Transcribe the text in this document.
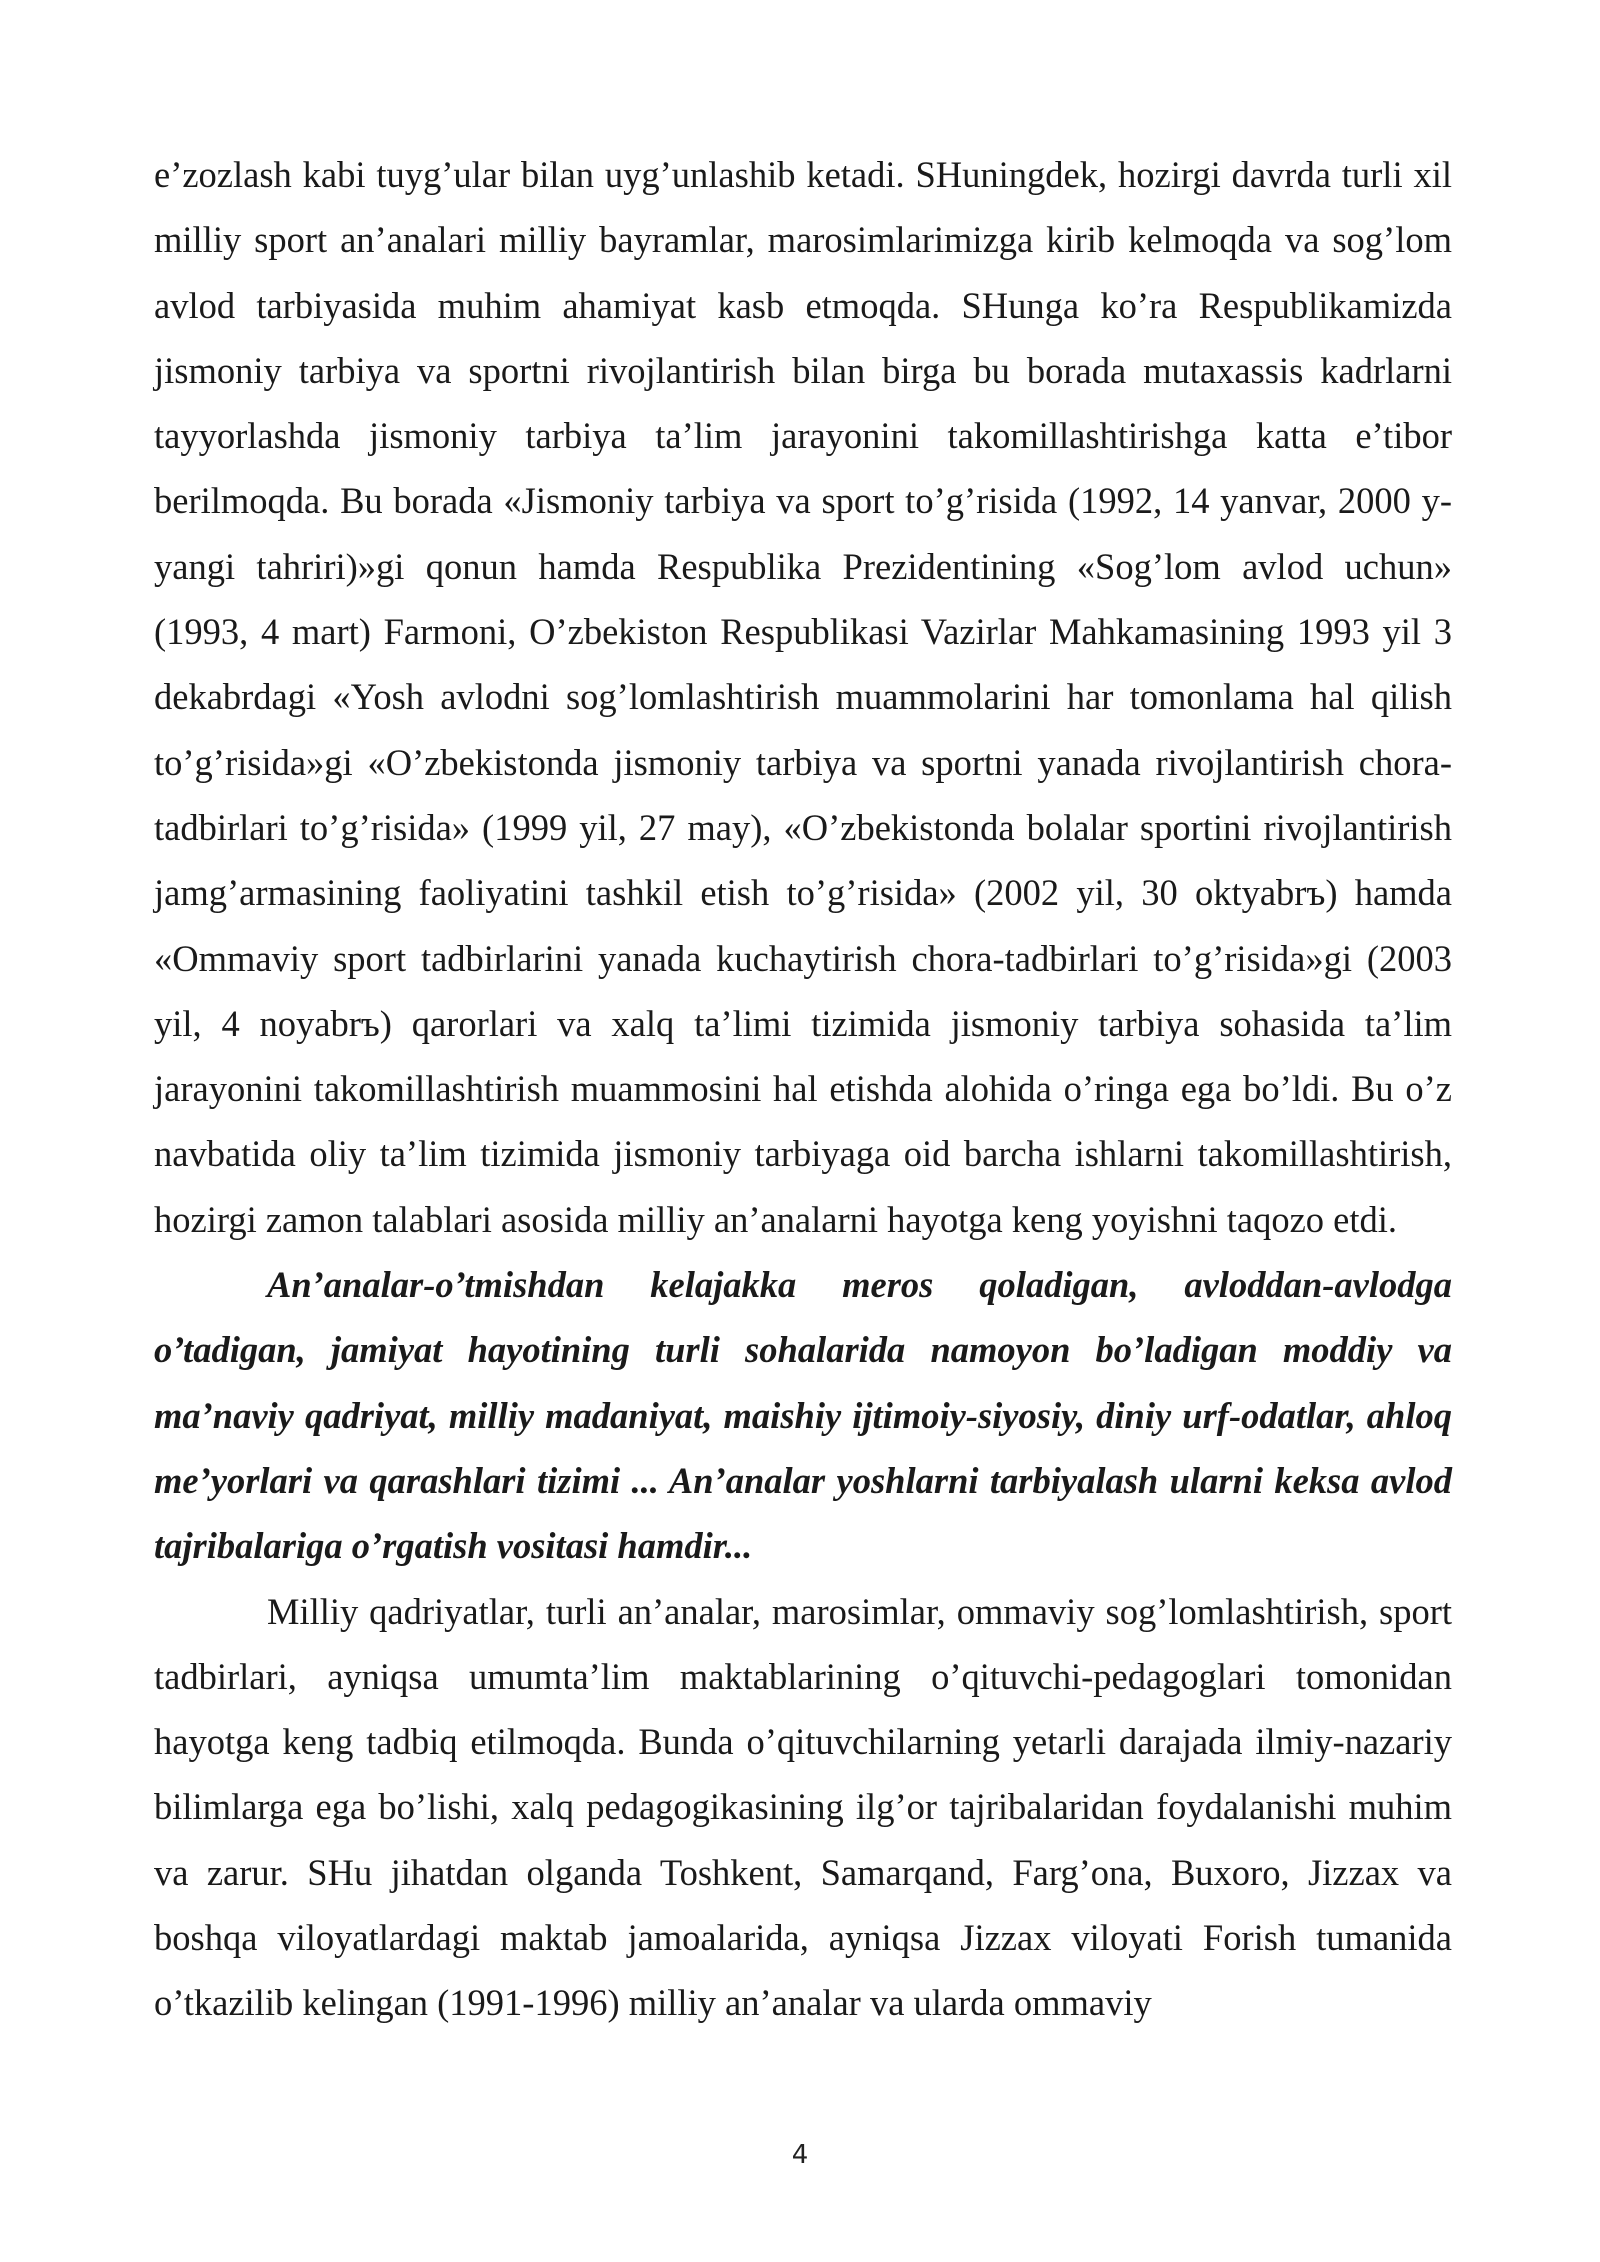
e’zozlash kabi tuyg’ular bilan uyg’unlashib ketadi. SHuningdek, hozirgi davrda turli xil milliy sport an’analari milliy bayramlar, marosimlarimizga kirib kelmoqda va sog’lom avlod tarbiyasida muhim ahamiyat kasb etmoqda. SHunga ko’ra Respublikamizda jismoniy tarbiya va sportni rivojlantirish bilan birga bu borada mutaxassis kadrlarni tayyorlashda jismoniy tarbiya ta’lim jarayonini takomillashtirishga katta e’tibor berilmoqda. Bu borada «Jismoniy tarbiya va sport to’g’risida (1992, 14 yanvar, 2000 y-yangi tahriri)»gi qonun hamda Respublika Prezidentining «Sog’lom avlod uchun» (1993, 4 mart) Farmoni, O’zbekiston Respublikasi Vazirlar Mahkamasining 1993 yil 3 dekabrdagi «Yosh avlodni sog’lomlashtirish muammolarini har tomonlama hal qilish to’g’risida»gi «O’zbekistonda jismoniy tarbiya va sportni yanada rivojlantirish chora-tadbirlari to’g’risida» (1999 yil, 27 may), «O’zbekistonda bolalar sportini rivojlantirish jamg’armasining faoliyatini tashkil etish to’g’risida» (2002 yil, 30 oktyabrъ) hamda «Ommaviy sport tadbirlarini yanada kuchaytirish chora-tadbirlari to’g’risida»gi (2003 yil, 4 noyabrъ) qarorlari va xalq ta’limi tizimida jismoniy tarbiya sohasida ta’lim jarayonini takomillashtirish muammosini hal etishda alohida o’ringa ega bo’ldi. Bu o’z navbatida oliy ta’lim tizimida jismoniy tarbiyaga oid barcha ishlarni takomillashtirish, hozirgi zamon talablari asosida milliy an’analarni hayotga keng yoyishni taqozo etdi.

An’analar-o’tmishdan kelajakka meros qoladigan, avloddan-avlodga o’tadigan, jamiyat hayotining turli sohalarida namoyon bo’ladigan moddiy va ma’naviy qadriyat, milliy madaniyat, maishiy ijtimoiy-siyosiy, diniy urf-odatlar, ahloq me’yorlari va qarashlari tizimi ... An’analar yoshlarni tarbiyalash ularni keksa avlod tajribalariga o’rgatish vositasi hamdir...

Milliy qadriyatlar, turli an’analar, marosimlar, ommaviy sog’lomlashtirish, sport tadbirlari, ayniqsa umumta’lim maktablarining o’qituvchi-pedagoglari tomonidan hayotga keng tadbiq etilmoqda. Bunda o’qituvchilarning yetarli darajada ilmiy-nazariy bilimlarga ega bo’lishi, xalq pedagogikasining ilg’or tajribalaridan foydalanishi muhim va zarur. SHu jihatdan olganda Toshkent, Samarqand, Farg’ona, Buxoro, Jizzax va boshqa viloyatlardagi maktab jamoalarida, ayniqsa Jizzax viloyati Forish tumanida o’tkazilib kelingan (1991-1996) milliy an’analar va ularda ommaviy

4
